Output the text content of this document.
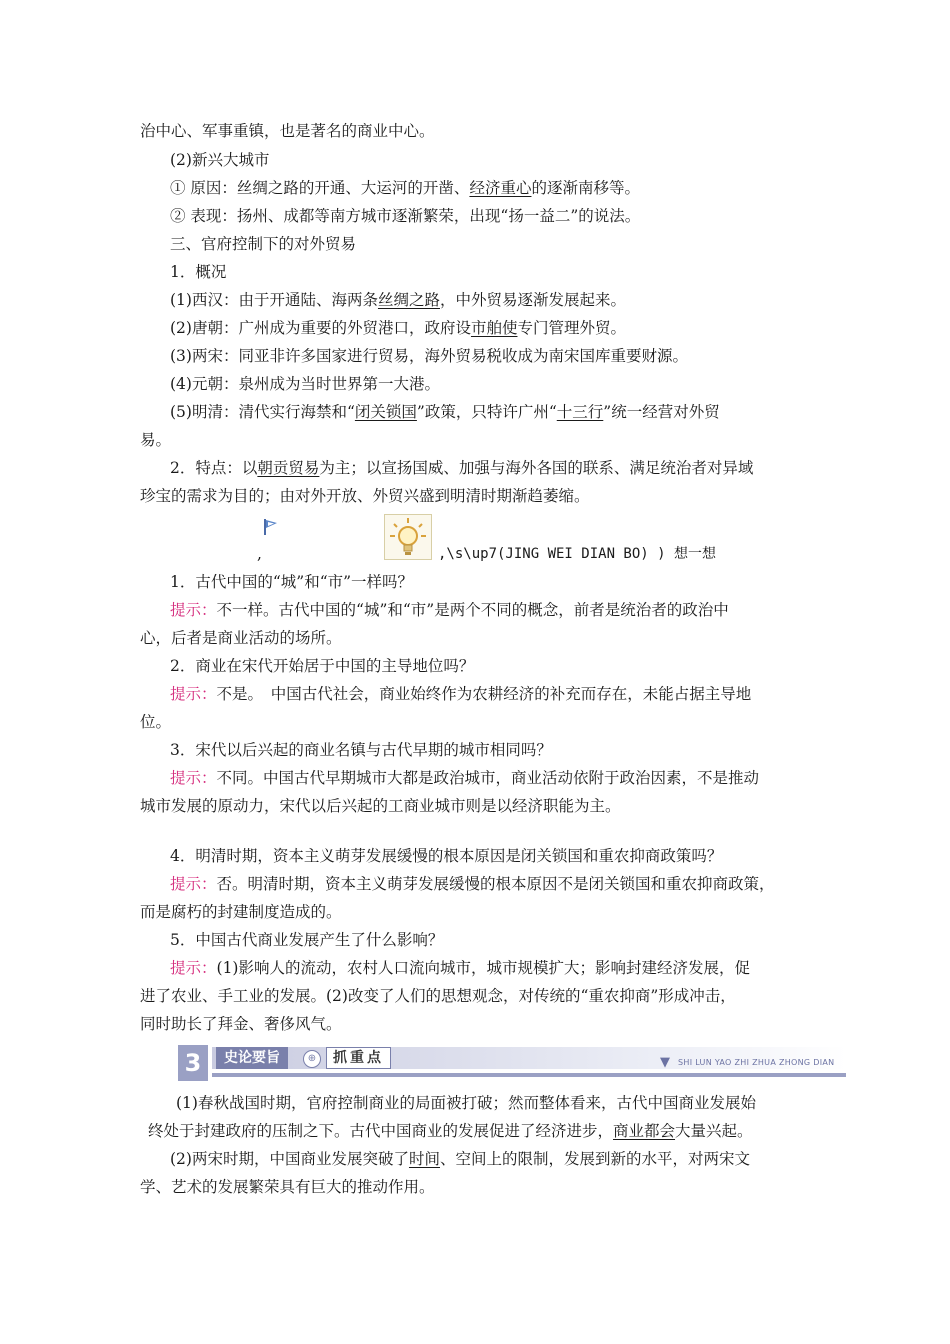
治中心、军事重镇，也是著名的商业中心。
(2)新兴大城市
① 原因：丝绸之路的开通、大运河的开凿、经济重心的逐渐南移等。
② 表现：扬州、成都等南方城市逐渐繁荣，出现“扬一益二”的说法。
三、官府控制下的对外贸易
1．概况
(1)西汉：由于开通陆、海两条丝绸之路，中外贸易逐渐发展起来。
(2)唐朝：广州成为重要的外贸港口，政府设市舶使专门管理外贸。
(3)两宋：同亚非许多国家进行贸易，海外贸易税收成为南宋国库重要财源。
(4)元朝：泉州成为当时世界第一大港。
(5)明清：清代实行海禁和“闭关锁国”政策，只特许广州“十三行”统一经营对外贸
易。
2．特点：以朝贡贸易为主；以宣扬国威、加强与海外各国的联系、满足统治者对异域
珍宝的需求为目的；由对外开放、外贸兴盛到明清时期渐趋萎缩。
,	,\s\up7(JING WEI DIAN BO) ) 想一想
1．古代中国的“城”和“市”一样吗？
提示：不一样。古代中国的“城”和“市”是两个不同的概念，前者是统治者的政治中
心，后者是商业活动的场所。
2．商业在宋代开始居于中国的主导地位吗？
提示：不是。　中国古代社会，商业始终作为农耕经济的补充而存在，未能占据主导地
位。
3．宋代以后兴起的商业名镇与古代早期的城市相同吗？
提示：不同。中国古代早期城市大都是政治城市，商业活动依附于政治因素，不是推动
城市发展的原动力，宋代以后兴起的工商业城市则是以经济职能为主。
4．明清时期，资本主义萌芽发展缓慢的根本原因是闭关锁国和重农抑商政策吗？
提示：否。明清时期，资本主义萌芽发展缓慢的根本原因不是闭关锁国和重农抑商政策，
而是腐朽的封建制度造成的。
5．中国古代商业发展产生了什么影响？
提示：(1)影响人的流动，农村人口流向城市，城市规模扩大；影响封建经济发展，促
进了农业、手工业的发展。(2)改变了人们的思想观念，对传统的“重农抑商”形成冲击，
同时助长了拜金、奢侈风气。
3	史论要旨	⊕	抓重点	▼ SHI LUN YAO ZHI ZHUA ZHONG DIAN
(1)春秋战国时期，官府控制商业的局面被打破；然而整体看来，古代中国商业发展始
终处于封建政府的压制之下。古代中国商业的发展促进了经济进步，商业都会大量兴起。
(2)两宋时期，中国商业发展突破了时间、空间上的限制，发展到新的水平，对两宋文
学、艺术的发展繁荣具有巨大的推动作用。
